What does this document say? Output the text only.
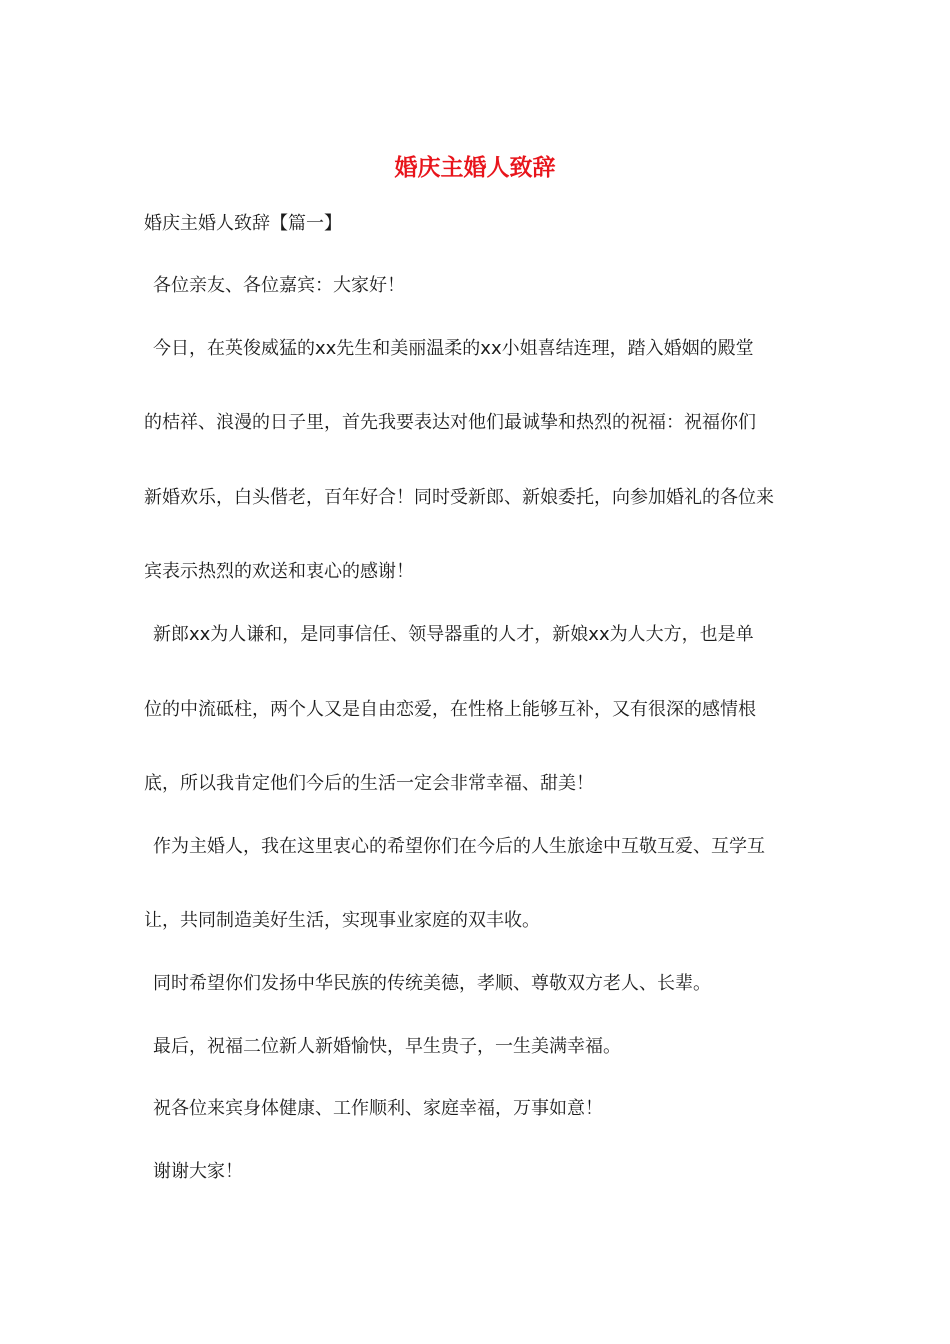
婚庆主婚人致辞
婚庆主婚人致辞【篇一】
各位亲友、各位嘉宾：大家好！
今日，在英俊威猛的xx先生和美丽温柔的xx小姐喜结连理，踏入婚姻的殿堂
的桔祥、浪漫的日子里，首先我要表达对他们最诚挚和热烈的祝福：祝福你们
新婚欢乐，白头偕老，百年好合！同时受新郎、新娘委托，向参加婚礼的各位来
宾表示热烈的欢送和衷心的感谢！
新郎xx为人谦和，是同事信任、领导器重的人才，新娘xx为人大方，也是单
位的中流砥柱，两个人又是自由恋爱，在性格上能够互补，又有很深的感情根
底，所以我肯定他们今后的生活一定会非常幸福、甜美！
作为主婚人，我在这里衷心的希望你们在今后的人生旅途中互敬互爱、互学互
让，共同制造美好生活，实现事业家庭的双丰收。
同时希望你们发扬中华民族的传统美德，孝顺、尊敬双方老人、长辈。
最后，祝福二位新人新婚愉快，早生贵子，一生美满幸福。
祝各位来宾身体健康、工作顺利、家庭幸福，万事如意！
谢谢大家！
